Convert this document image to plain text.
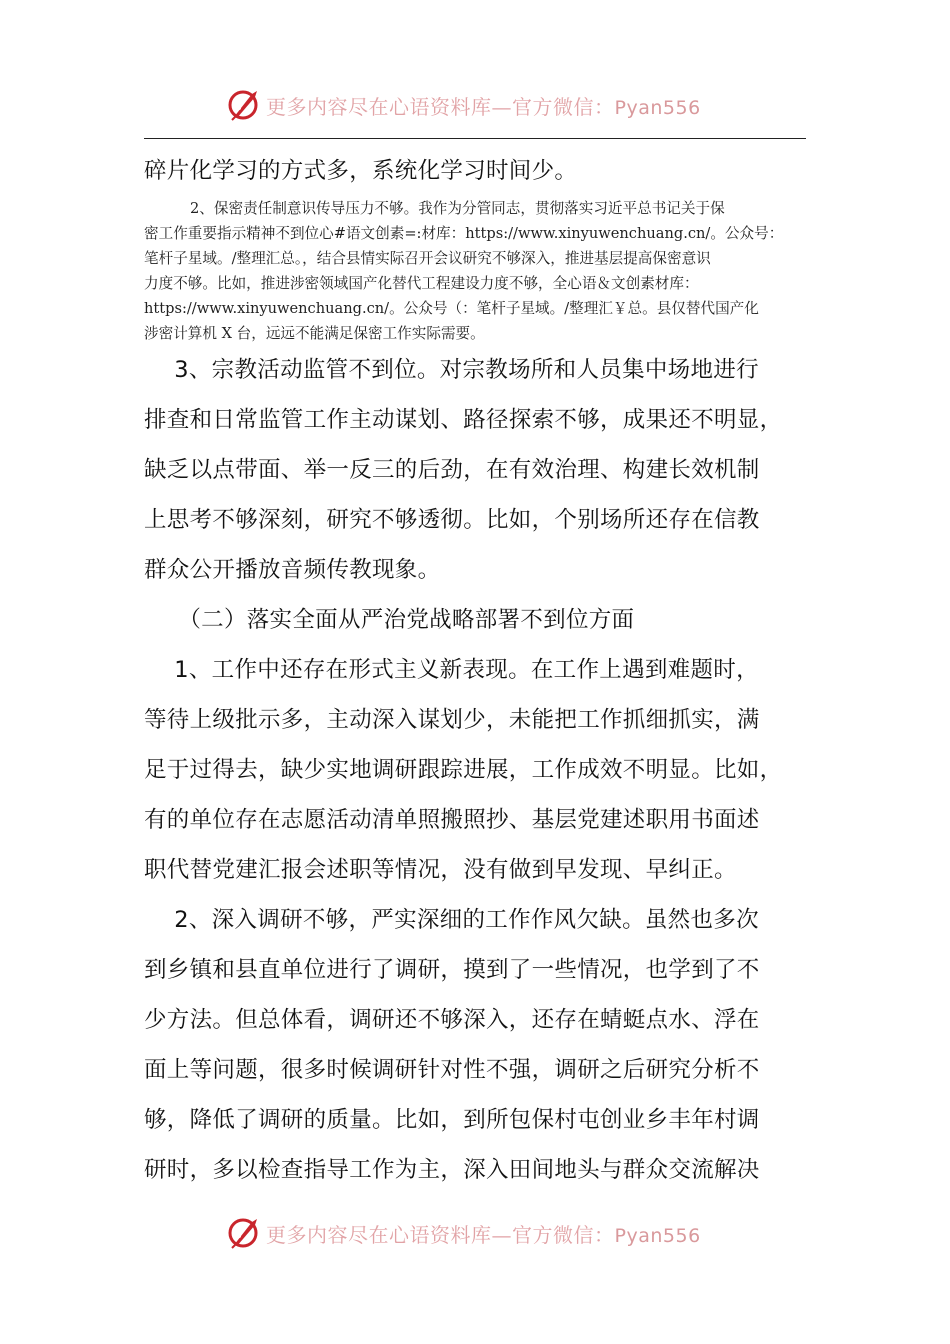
更多内容尽在心语资料库—官方微信：Pyan556
碎片化学习的方式多，系统化学习时间少。
2、保密责任制意识传导压力不够。我作为分管同志，贯彻落实习近平总书记关于保
密工作重要指示精神不到位心#语文创素=:材库：https://www.xinyuwenchuang.cn/。公众号：
笔杆子星域。/整理汇总。，结合县情实际召开会议研究不够深入，推进基层提高保密意识
力度不够。比如，推进涉密领域国产化替代工程建设力度不够，全心语＆文创素材库：
https://www.xinyuwenchuang.cn/。公众号（：笔杆子星域。/整理汇￥总。县仅替代国产化
涉密计算机 X 台，远远不能满足保密工作实际需要。
　 3、宗教活动监管不到位。对宗教场所和人员集中场地进行
排查和日常监管工作主动谋划、路径探索不够，成果还不明显，
缺乏以点带面、举一反三的后劲，在有效治理、构建长效机制
上思考不够深刻，研究不够透彻。比如，个别场所还存在信教
群众公开播放音频传教现象。
　　（二）落实全面从严治党战略部署不到位方面
　 1、工作中还存在形式主义新表现。在工作上遇到难题时，
等待上级批示多，主动深入谋划少，未能把工作抓细抓实，满
足于过得去，缺少实地调研跟踪进展，工作成效不明显。比如，
有的单位存在志愿活动清单照搬照抄、基层党建述职用书面述
职代替党建汇报会述职等情况，没有做到早发现、早纠正。
　 2、深入调研不够，严实深细的工作作风欠缺。虽然也多次
到乡镇和县直单位进行了调研，摸到了一些情况，也学到了不
少方法。但总体看，调研还不够深入，还存在蜻蜓点水、浮在
面上等问题，很多时候调研针对性不强，调研之后研究分析不
够，降低了调研的质量。比如，到所包保村屯创业乡丰年村调
研时，多以检查指导工作为主，深入田间地头与群众交流解决
更多内容尽在心语资料库—官方微信：Pyan556
